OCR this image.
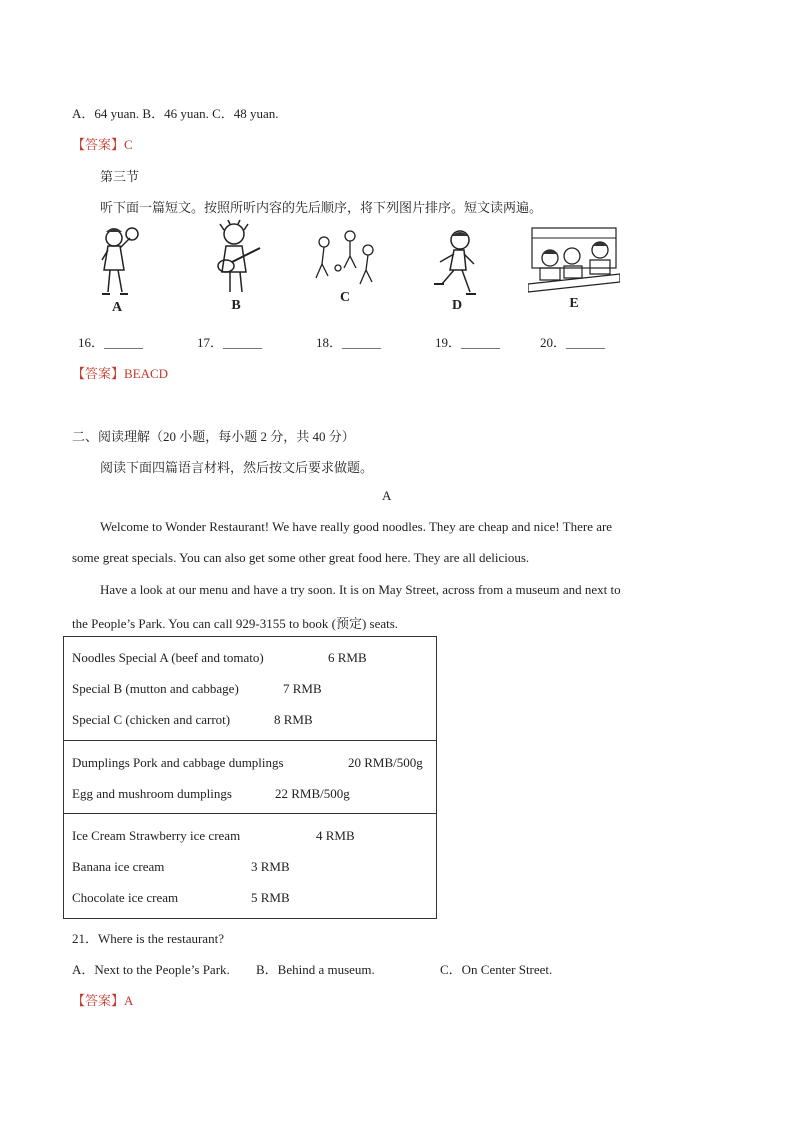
A．64 yuan. B．46 yuan. C．48 yuan.
【答案】C
第三节
听下面一篇短文。按照所听内容的先后顺序，将下列图片排序。短文读两遍。
A	B
C
D	E
16．______	17．______	18．______	19．______	20．______
【答案】BEACD
二、阅读理解（20 小题，每小题 2 分，共 40 分）
阅读下面四篇语言材料，然后按文后要求做题。
A
Welcome to Wonder Restaurant! We have really good noodles. They are cheap and nice! There are
some great specials. You can also get some other great food here. They are all delicious.
Have a look at our menu and have a try soon. It is on May Street, across from a museum and next to
the People’s Park. You can call 929-3155 to book (预定) seats.
Noodles Special A (beef and tomato)	6 RMB
Special B (mutton and cabbage)	7 RMB
Special C (chicken and carrot)	8 RMB
Dumplings Pork and cabbage dumplings	20 RMB/500g
Egg and mushroom dumplings	22 RMB/500g
Ice Cream Strawberry ice cream	4 RMB
Banana ice cream	3 RMB
Chocolate ice cream	5 RMB
21．Where is the restaurant?
A．Next to the People’s Park. B．Behind a museum.	C．On Center Street.
【答案】A
